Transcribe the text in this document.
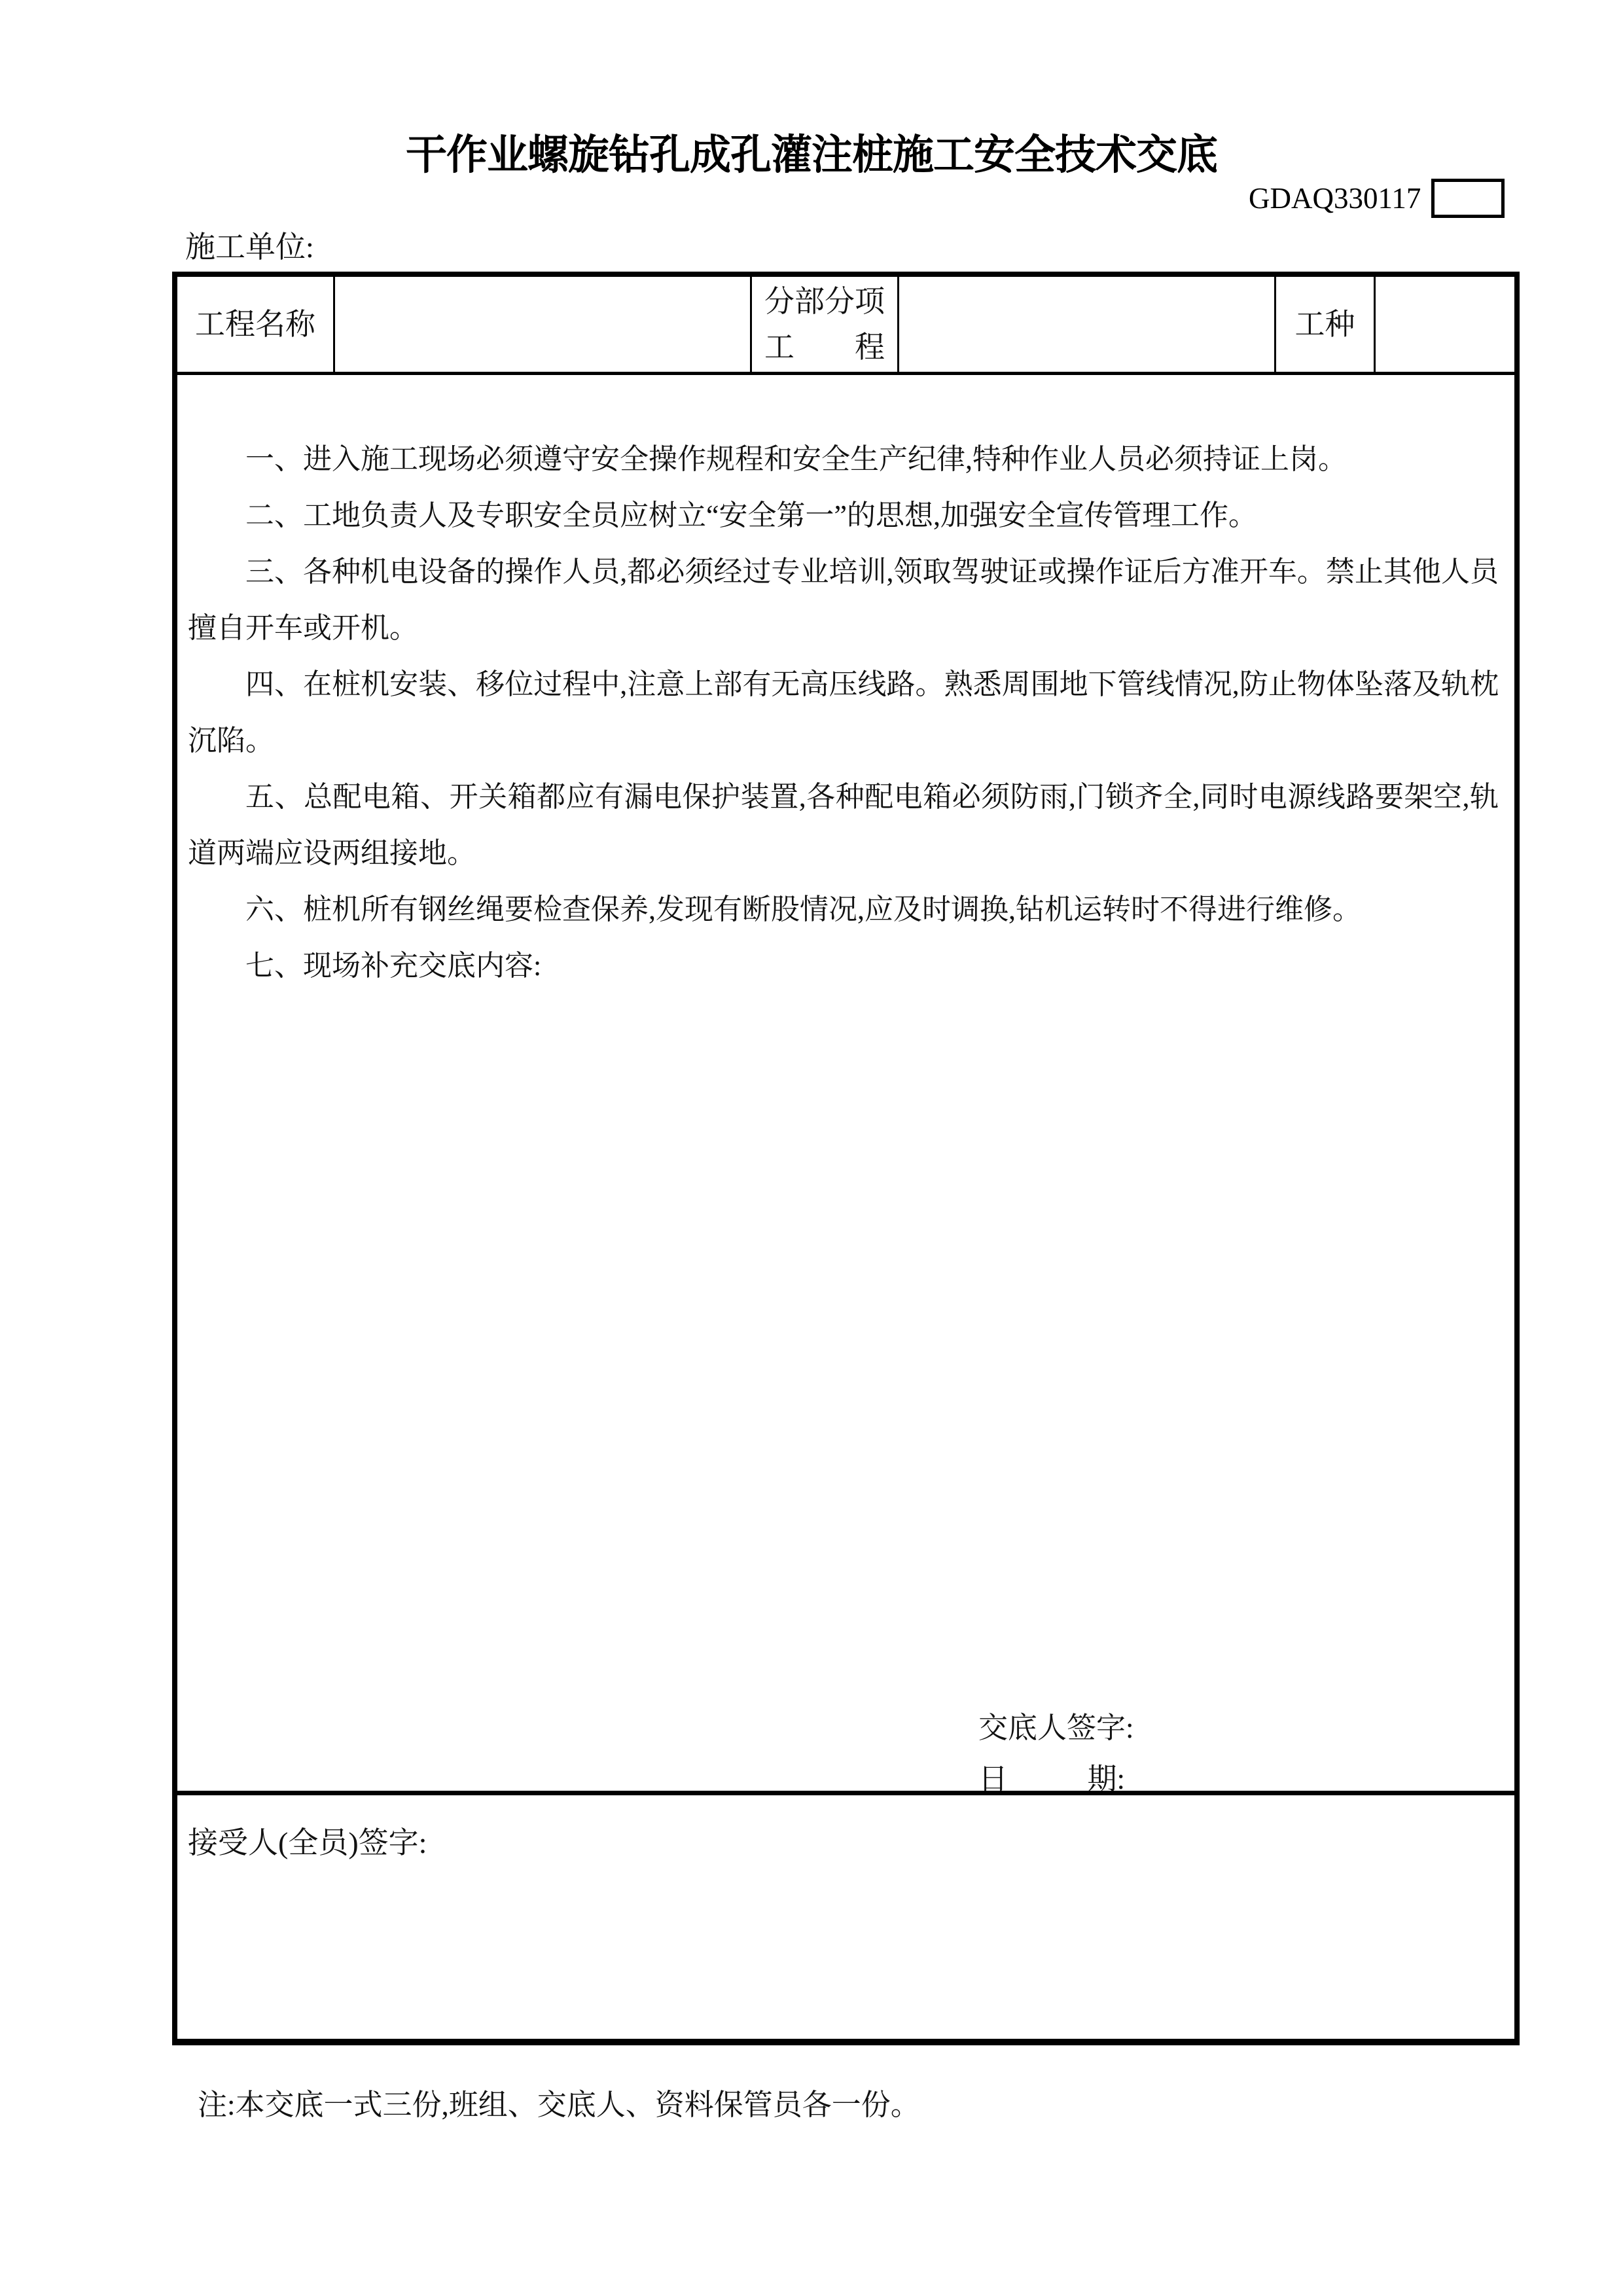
干作业螺旋钻孔成孔灌注桩施工安全技术交底
GDAQ330117
施工单位:
工程名称
分部分项
工 程
工种

一、进入施工现场必须遵守安全操作规程和安全生产纪律,特种作业人员必须持证上岗。

二、工地负责人及专职安全员应树立“安全第一”的思想,加强安全宣传管理工作。

三、各种机电设备的操作人员,都必须经过专业培训,领取驾驶证或操作证后方准开车。禁止其他人员擅自开车或开机。

四、在桩机安装、移位过程中,注意上部有无高压线路。熟悉周围地下管线情况,防止物体坠落及轨枕沉陷。

五、总配电箱、开关箱都应有漏电保护装置,各种配电箱必须防雨,门锁齐全,同时电源线路要架空,轨道两端应设两组接地。

六、桩机所有钢丝绳要检查保养,发现有断股情况,应及时调换,钻机运转时不得进行维修。

七、现场补充交底内容:

交底人签字:
日	期:
接受人(全员)签字:
注:本交底一式三份,班组、交底人、资料保管员各一份。
